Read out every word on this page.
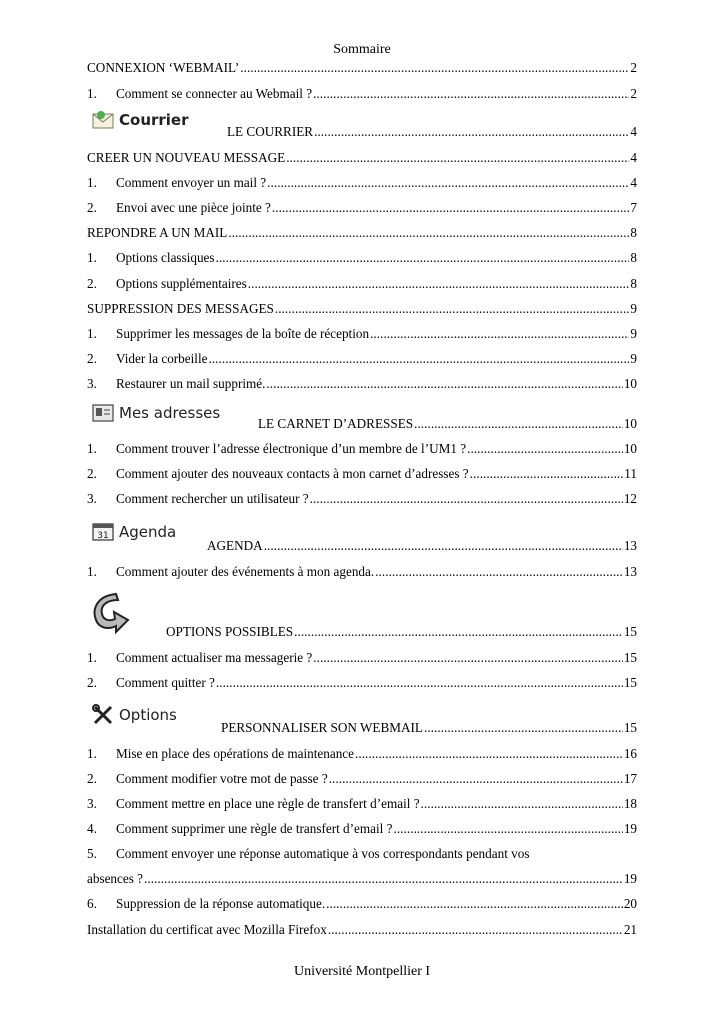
Sommaire
Courrier
Mes adresses
31 Agenda
Options
CONNEXION ‘WEBMAIL’ .....	2
1.	Comment se connecter au Webmail ? .....	2
LE COURRIER .....	4
CREER UN NOUVEAU MESSAGE .....	4
1.	Comment envoyer un mail ? .....	4
2.	Envoi avec une pièce jointe ? .....	7
REPONDRE A UN MAIL .....	8
1.	Options classiques .....	8
2.	Options supplémentaires .....	8
SUPPRESSION DES MESSAGES .....	9
1.	Supprimer les messages de la boîte de réception .....	9
2.	Vider la corbeille .....	9
3.	Restaurer un mail supprimé. .....	10
LE CARNET D’ADRESSES .....	10
1.	Comment trouver l’adresse électronique d’un membre de l’UM1 ? .....	10
2.	Comment ajouter des nouveaux contacts à mon carnet d’adresses ? .....	11
3.	Comment rechercher un utilisateur ? .....	12
AGENDA .....	13
1.	Comment ajouter des événements à mon agenda. .....	13
OPTIONS POSSIBLES .....	15
1.	Comment actualiser ma messagerie ? .....	15
2.	Comment quitter ? .....	15
PERSONNALISER SON WEBMAIL .....	15
1.	Mise en place des opérations de maintenance .....	16
2.	Comment modifier votre mot de passe ? .....	17
3.	Comment mettre en place une règle de transfert d’email ? .....	18
4.	Comment supprimer une règle de transfert d’email ? .....	19
5.	Comment envoyer une réponse automatique à vos correspondants pendant vos
absences ? .....	19
6.	Suppression de la réponse automatique. .....	20
Installation du certificat avec Mozilla Firefox .....	21
Université Montpellier I
